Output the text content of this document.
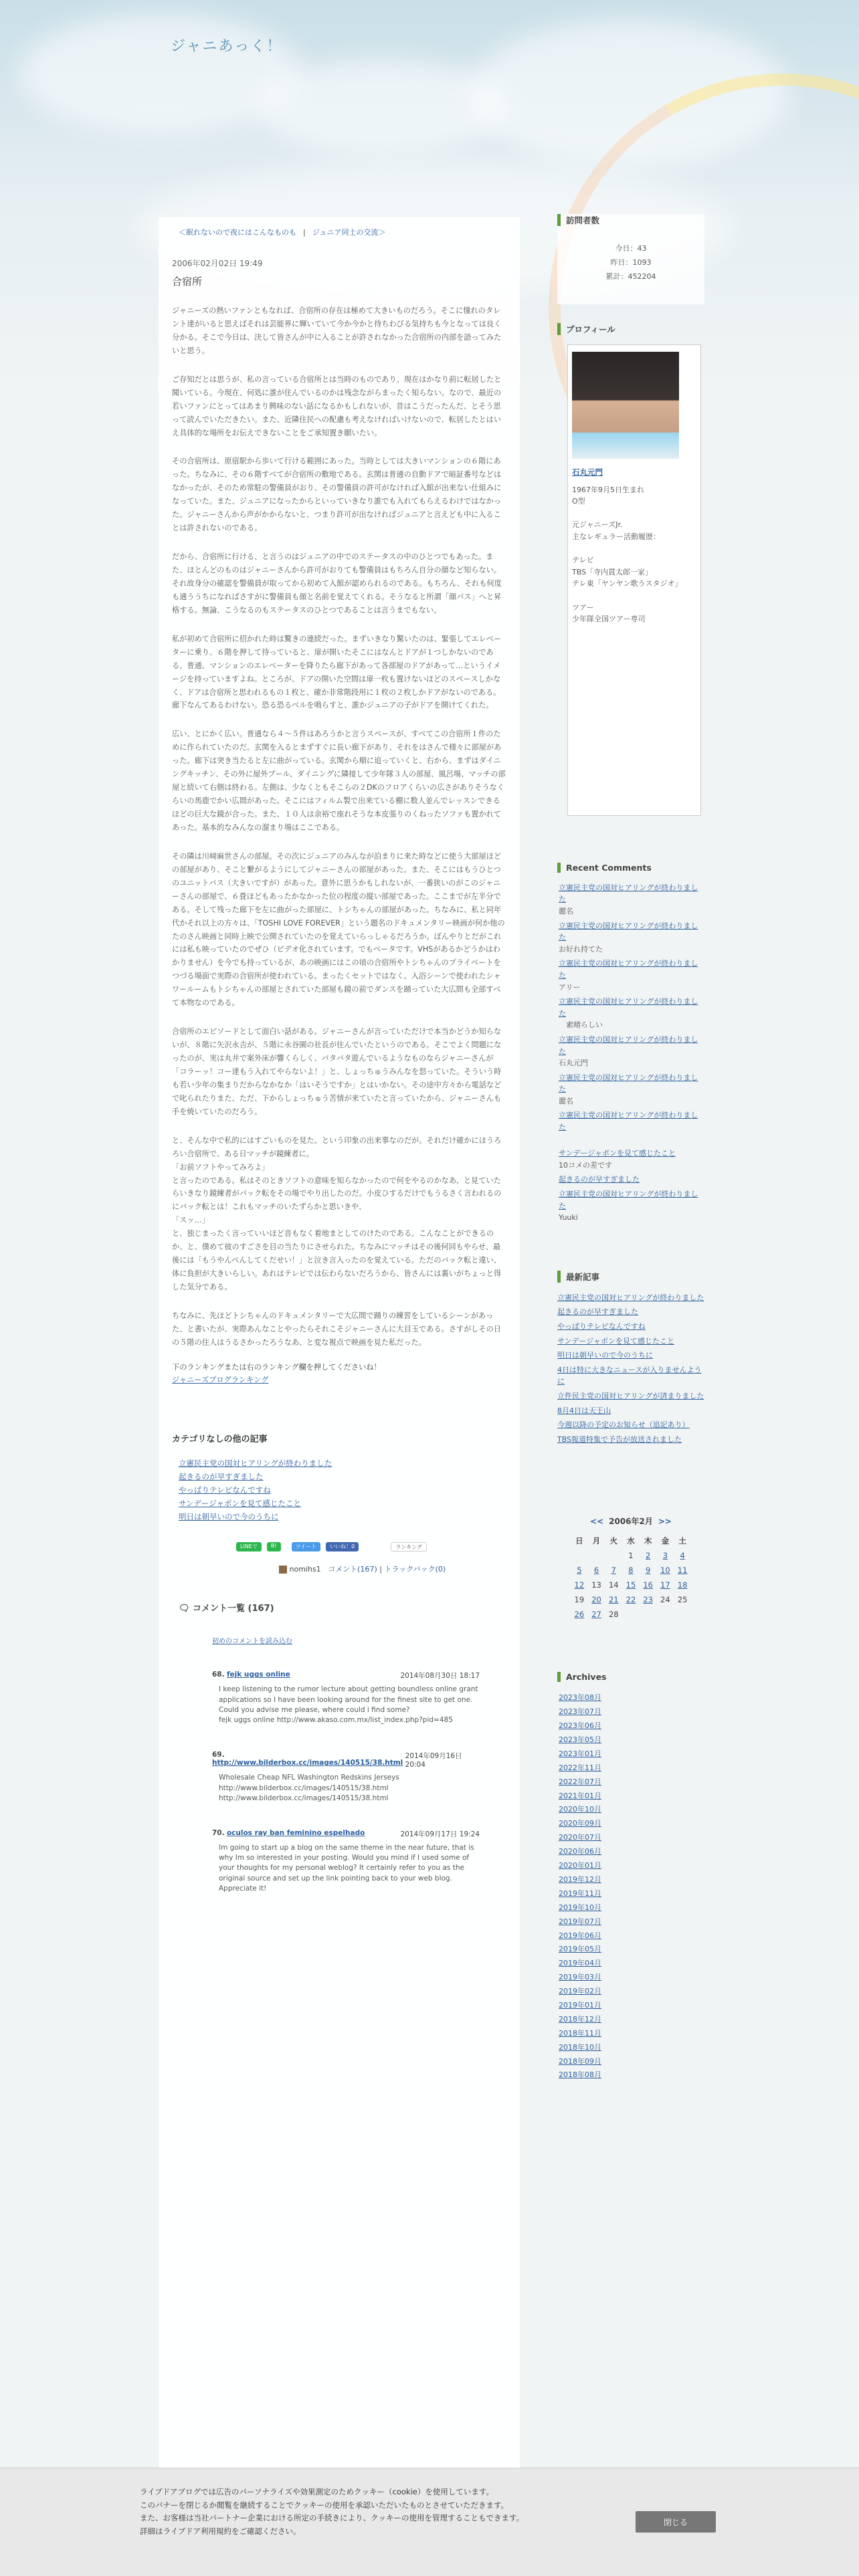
ジャニあっく！
＜眠れないので夜にはこんなものも | ジュニア同士の交流＞
2006年02月02日 19:49
合宿所

ジャニーズの熱いファンともなれば、合宿所の存在は極めて大きいものだろう。そこに憧れのタレント達がいると思えばそれは芸能界に輝いていて今か今かと待ちわびる気持ちも今となっては良く分かる。そこで今日は、決して皆さんが中に入ることが許されなかった合宿所の内部を語ってみたいと思う。

ご存知だとは思うが、私の言っている合宿所とは当時のものであり、現在はかなり前に転居したと聞いている。今現在、何処に誰が住んでいるのかは残念ながらまったく知らない。なので、最近の若いファンにとってはあまり興味のない話になるかもしれないが、昔はこうだったんだ、とそう思って読んでいただきたい。また、近隣住民への配慮も考えなければいけないので、転居したとはいえ具体的な場所をお伝えできないことをご承知置き願いたい。

その合宿所は、原宿駅から歩いて行ける範囲にあった。当時としては大きいマンションの６階にあった。ちなみに、その６階すべてが合宿所の敷地である。玄関は普通の自動ドアで暗証番号などはなかったが、そのため常駐の警備員がおり、その警備員の許可がなければ入館が出来ない仕組みになっていた。また、ジュニアになったからといっていきなり誰でも入れてもらえるわけではなかった。ジャニーさんから声がかからないと、つまり許可が出なければジュニアと言えども中に入ることは許されないのである。

だから、合宿所に行ける、と言うのはジュニアの中でのステータスの中のひとつでもあった。また、ほとんどのものはジャニーさんから許可がおりても警備員はもちろん自分の顔など知らない。それ故身分の確認を警備員が取ってから初めて入館が認められるのである。もちろん、それも何度も通ううちになればさすがに警備員も顔と名前を覚えてくれる。そうなると所謂「顔パス」へと昇格する。無論、こうなるのもステータスのひとつであることは言うまでもない。

私が初めて合宿所に招かれた時は驚きの連続だった。まずいきなり驚いたのは、緊張してエレベーターに乗り、６階を押して待っていると、扉が開いたそこにはなんとドアが１つしかないのである。普通、マンションのエレベーターを降りたら廊下があって各部屋のドアがあって…というイメージを持っていますよね。ところが、ドアの開いた空間は扉一枚も置けないほどのスペースしかなく、ドアは合宿所と思われるもの１枚と、確か非常階段用に１枚の２枚しかドアがないのである。廊下なんてあるわけない。恐る恐るベルを鳴らすと、誰かジュニアの子がドアを開けてくれた。

広い、とにかく広い。普通なら４～５件はあろうかと言うスペースが、すべてこの合宿所１件のために作られていたのだ。玄関を入るとまずすぐに長い廊下があり、それをはさんで様々に部屋があった。廊下は突き当たると左に曲がっている。玄関から順に追っていくと、右から、まずはダイニングキッチン、その外に屋外プール、ダイニングに隣接して少年隊３人の部屋、風呂場、マッチの部屋と続いて右側は終わる。左側は、少なくともそこらの２DKのフロアくらいの広さがありそうなくらいの馬鹿でかい広間があった。そこにはフィルム製で出来ている棚に数人並んでレッスンできるほどの巨大な鏡が合った。また、１０人は余裕で座れそうな本皮張りのくねったソファも置かれてあった。基本的なみんなの溜まり場はここである。

その隣は川﨑麻世さんの部屋。その次にジュニアのみんなが泊まりに来た時などに使う大部屋ほどの部屋があり、そこと繋がるようにしてジャニーさんの部屋があった。また、そこにはもうひとつのユニットバス（大きいですが）があった。意外に思うかもしれないが、一番狭いのがこのジャニーさんの部屋で、６畳ほどもあったかなかった位の程度の縦い部屋であった。ここまでが左半分である。そして残った廊下を左に曲がった部屋に、トシちゃんの部屋があった。ちなみに、私と同年代かそれ以上の方々は、「TOSHI LOVE FOREVER」という題名のドキュメンタリー映画が何か他のたのさん映画と同時上映で公開されていたのを覚えていらっしゃるだろうか。ぼんやりとだがこれには私も映っていたのでぜひ（ビデオ化されています。でもベータです。VHSがあるかどうかはわかりません）を今でも持っているが、あの映画にはこの頃の合宿所やトシちゃんのプライベートをつづる場面で実際の合宿所が使われている。まったくセットではなく。入浴シーンで使われたシャワールームもトシちゃんの部屋とされていた部屋も鏡の前でダンスを踊っていた大広間も全部すべて本物なのである。

合宿所のエピソードとして面白い話がある。ジャニーさんが言っていただけで本当かどうか知らないが、８階に矢沢永吉が、５階に永谷園の社長が住んでいたというのである。そこでよく問題になったのが、実は丸井で案外床が響くらしく、バタバタ遊んでいるようなものならジャニーさんが「コラーッ！コー達もう入れてやらないよ！」と、しょっちゅうみんなを怒っていた。そういう時も若い少年の集まりだからなかなか「はいそうですか」とはいかない。その途中方々から電話などで叱られたりまた、ただ、下からしょっちゅう苦情が来ていたと言っていたから、ジャニーさんも手を焼いていたのだろう。

と、そんな中で私的にはすごいものを見た。という印象の出来事なのだが。それだけ確かにほうろろい合宿所で、ある日マッチが鏡練者に。
「お前ソフトやってみろよ」
と言ったのである。私はそのときソフトの意味を知らなかったので何をやるのかなあ、と見ていたらいきなり鏡練者がバック転をその場でやり出したのだ。小皮ひするだけでもうるさく言われるのにバック転とは！これもマッチのいたずらかと思いきや、
「スッ…」
と、独じまったく言っていいほど音もなく着地まとしてのけたのである。こんなことができるのか、と、僕めて彼のすごさを目の当たりにさせられた。ちなみにマッチはその後何回もやらせ、最後には「もうやんぺんしてくだせい！」と泣き言入ったのを覚えている。ただのバック転と違い、体に負担が大きいらしい。あれはテレビでは伝わらないだろうから、皆さんには裏いがちょっと得した気分である。

ちなみに、先ほどトシちゃんのドキュメンタリーで大広間で踊りの練習をしているシーンがあった、と書いたが、実際あんなことやったらそれこそジャニーさんに大目玉である。さすがしその日の５階の住人はうるさかったろうなあ、と変な視点で映画を見た私だった。

下のランキングまたは右のランキング欄を押してくださいね！
ジャニーズブログランキング
カテゴリなしの他の記事
立憲民主党の国対ヒアリングが終わりました
起きるのが早すぎました
やっぱりテレビなんですね
サンデージャポンを見て感じたこと
明日は朝早いので今のうちに
LINEで	B!	ツイート	いいね！0	ランキング
nomihs1 コメント(167) | トラックバック(0)
🗨 コメント一覧 (167)
初めのコメントを読み込む
68. fejk uggs online	2014年08月30日 18:17
I keep listening to the rumor lecture about getting boundless online grant applications so I have been looking around for the finest site to get one. Could you advise me please, where could i find some?
fejk uggs online http://www.akaso.com.mx/list_index.php?pid=485
69. http://www.bilderbox.cc/images/140515/38.html
2014年09月16日 20:04
Wholesale Cheap NFL Washington Redskins Jerseys
http://www.bilderbox.cc/images/140515/38.html http://www.bilderbox.cc/images/140515/38.html
70. oculos ray ban feminino espelhado	2014年09月17日 19:24
Im going to start up a blog on the same theme in the near future, that is why Im so interested in your posting. Would you mind if I used some of your thoughts for my personal weblog? It certainly refer to you as the original source and set up the link pointing back to your web blog. Appreciate it!
訪問者数
今日：43
昨日：1093
累計：452204
プロフィール
石丸元門
1967年9月5日生まれ
O型

元ジャニーズJr.
主なレギュラー活動履歴：

テレビ
TBS「寺内貫太郎一家」
テレ東「ヤンヤン歌うスタジオ」

ツアー
少年隊全国ツアー専司
Recent Comments
立憲民主党の国対ヒアリングが終わりました
麗名
立憲民主党の国対ヒアリングが終わりました
お好れ持てた
立憲民主党の国対ヒアリングが終わりました
アリー
立憲民主党の国対ヒアリングが終わりました
　素晴らしい
立憲民主党の国対ヒアリングが終わりました
石丸元門
立憲民主党の国対ヒアリングが終わりました
麗名
立憲民主党の国対ヒアリングが終わりました

サンデージャポンを見て感じたこと
10コメの差です
起きるのが早すぎました
立憲民主党の国対ヒアリングが終わりました
Yuuki
最新記事
立憲民主党の国対ヒアリングが終わりました
起きるのが早すぎました
やっぱりテレビなんですね
サンデージャポンを見て感じたこと
明日は朝早いので今のうちに
4日は特に大きなニュースが入りませんように
立件民主党の国対ヒアリングが済まりました
8月4日は天王山
今週以降の予定のお知らせ（追記あり）
TBS報道特集で予告が放送されました
<< 2006年2月 >>
日	月	火	水	木	金	土
			1	2	3	4
5	6	7	8	9	10	11
12	13	14	15	16	17	18
19	20	21	22	23	24	25
26	27	28				
Archives
2023年08月
2023年07月
2023年06月
2023年05月
2023年01月
2022年11月
2022年07月
2021年01月
2020年10月
2020年09月
2020年07月
2020年06月
2020年01月
2019年12月
2019年11月
2019年10月
2019年07月
2019年06月
2019年05月
2019年04月
2019年03月
2019年02月
2019年01月
2018年12月
2018年11月
2018年10月
2018年09月
2018年08月

ライブドアブログでは広告のパーソナライズや効果測定のためクッキー（cookie）を使用しています。
このバナーを閉じるか閲覧を継続することでクッキーの使用を承認いただいたものとさせていただきます。
また、お客様は当社パートナー企業における所定の手続きにより、クッキーの使用を管理することもできます。
詳細はライブドア利用規約をご確認ください。

閉じる
